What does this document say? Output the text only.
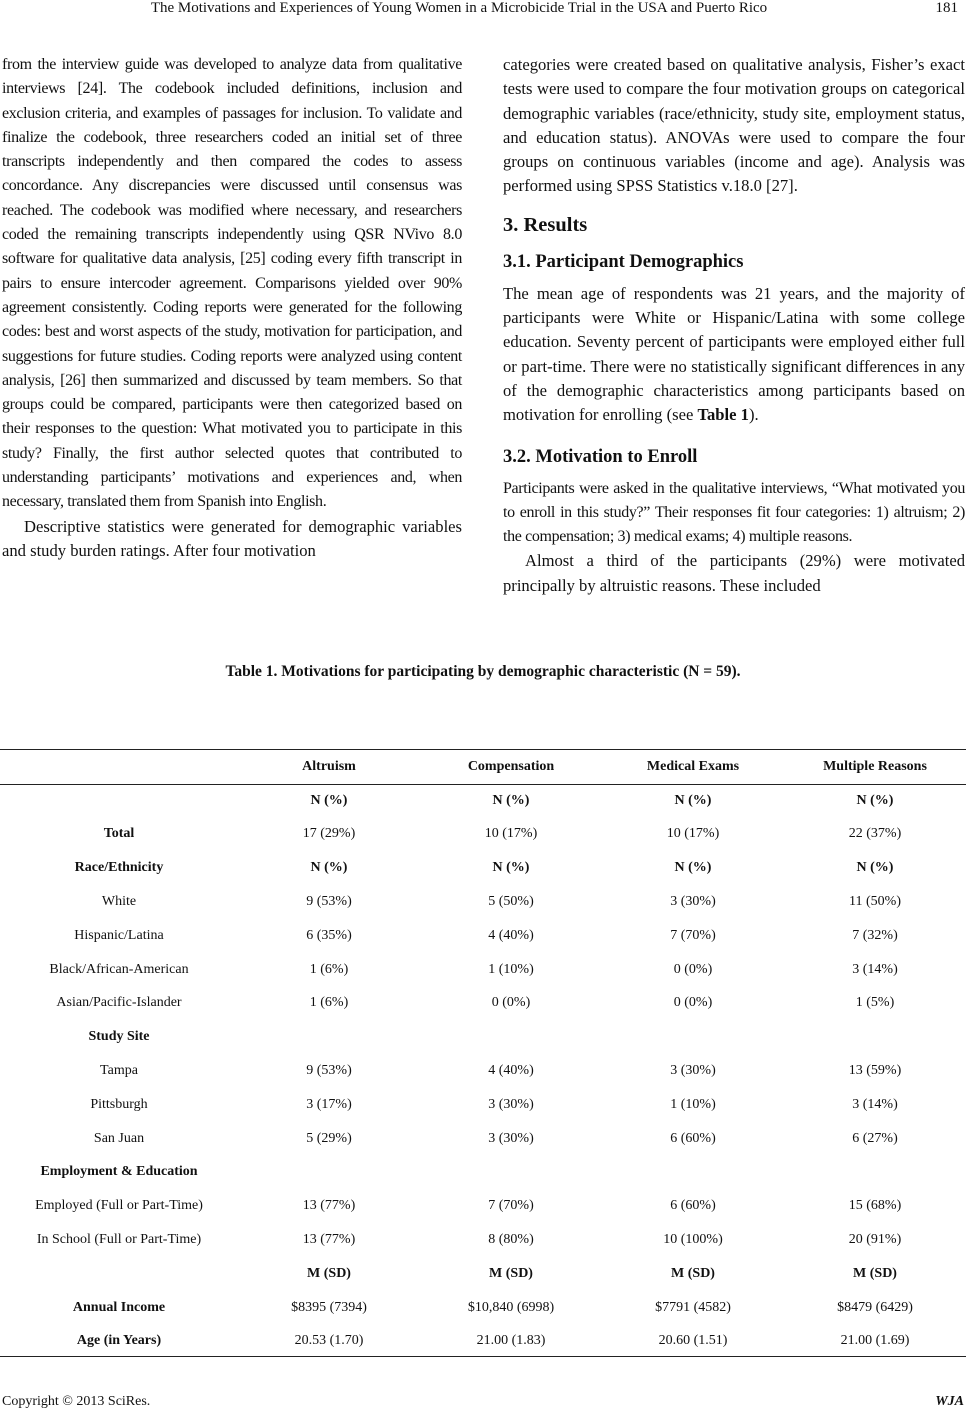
The Motivations and Experiences of Young Women in a Microbicide Trial in the USA and Puerto Rico	181

from the interview guide was developed to analyze data from qualitative interviews [24]. The codebook included definitions, inclusion and exclusion criteria, and examples of passages for inclusion. To validate and finalize the codebook, three researchers coded an initial set of three transcripts independently and then compared the codes to assess concordance. Any discrepancies were discussed until consensus was reached. The codebook was modified where necessary, and researchers coded the remaining transcripts independently using QSR NVivo 8.0 software for qualitative data analysis, [25] coding every fifth transcript in pairs to ensure intercoder agreement. Comparisons yielded over 90% agreement consistently. Coding reports were generated for the following codes: best and worst aspects of the study, motivation for participation, and suggestions for future studies. Coding reports were analyzed using content analysis, [26] then summarized and discussed by team members. So that groups could be compared, participants were then categorized based on their responses to the question: What motivated you to participate in this study? Finally, the first author selected quotes that contributed to understanding participants’ motivations and experiences and, when necessary, translated them from Spanish into English.

Descriptive statistics were generated for demographic variables and study burden ratings. After four motivation

categories were created based on qualitative analysis, Fisher’s exact tests were used to compare the four motivation groups on categorical demographic variables (race/ethnicity, study site, employment status, and education status). ANOVAs were used to compare the four groups on continuous variables (income and age). Analysis was performed using SPSS Statistics v.18.0 [27].

3. Results
3.1. Participant Demographics

The mean age of respondents was 21 years, and the majority of participants were White or Hispanic/Latina with some college education. Seventy percent of participants were employed either full or part-time. There were no statistically significant differences in any of the demographic characteristics among participants based on motivation for enrolling (see Table 1).

3.2. Motivation to Enroll

Participants were asked in the qualitative interviews, “What motivated you to enroll in this study?” Their responses fit four categories: 1) altruism; 2) the compensation; 3) medical exams; 4) multiple reasons.

Almost a third of the participants (29%) were motivated principally by altruistic reasons. These included

Table 1. Motivations for participating by demographic characteristic (N = 59).
	Altruism	Compensation	Medical Exams	Multiple Reasons
	N (%)	N (%)	N (%)	N (%)
Total	17 (29%)	10 (17%)	10 (17%)	22 (37%)
Race/Ethnicity	N (%)	N (%)	N (%)	N (%)
White	9 (53%)	5 (50%)	3 (30%)	11 (50%)
Hispanic/Latina	6 (35%)	4 (40%)	7 (70%)	7 (32%)
Black/African-American	1 (6%)	1 (10%)	0 (0%)	3 (14%)
Asian/Pacific-Islander	1 (6%)	0 (0%)	0 (0%)	1 (5%)
Study Site				
Tampa	9 (53%)	4 (40%)	3 (30%)	13 (59%)
Pittsburgh	3 (17%)	3 (30%)	1 (10%)	3 (14%)
San Juan	5 (29%)	3 (30%)	6 (60%)	6 (27%)
Employment & Education				
Employed (Full or Part-Time)	13 (77%)	7 (70%)	6 (60%)	15 (68%)
In School (Full or Part-Time)	13 (77%)	8 (80%)	10 (100%)	20 (91%)
	M (SD)	M (SD)	M (SD)	M (SD)
Annual Income	$8395 (7394)	$10,840 (6998)	$7791 (4582)	$8479 (6429)
Age (in Years)	20.53 (1.70)	21.00 (1.83)	20.60 (1.51)	21.00 (1.69)
Copyright © 2013 SciRes.	WJA
